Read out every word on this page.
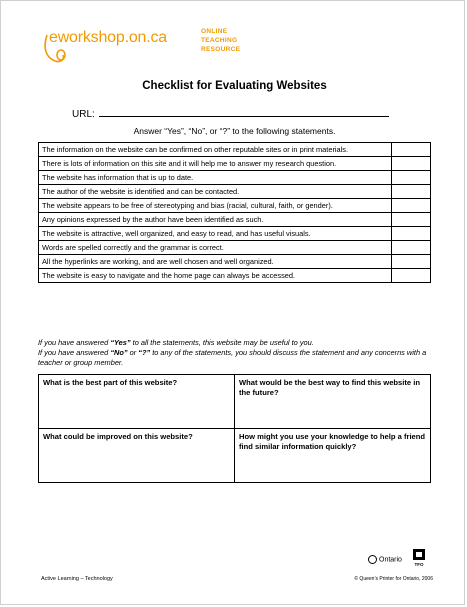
eworkshop.on.ca	ONLINE
TEACHING
RESOURCE
Checklist for Evaluating Websites
URL:
Answer “Yes”, “No”, or “?” to the following statements.
The information on the website can be confirmed on other reputable sites or in print materials.	
There is lots of information on this site and it will help me to answer my research question.	
The website has information that is up to date.	
The author of the website is identified and can be contacted.	
The website appears to be free of stereotyping and bias (racial, cultural, faith, or gender).	
Any opinions expressed by the author have been identified as such.	
The website is attractive, well organized, and easy to read, and has useful visuals.	
Words are spelled correctly and the grammar is correct.	
All the hyperlinks are working, and are well chosen and well organized.	
The website is easy to navigate and the home page can always be accessed.	
If you have answered “Yes” to all the statements, this website may be useful to you.
If you have answered “No” or “?” to any of the statements, you should discuss the statement and any concerns with a teacher or group member.
What is the best part of this website?	What would be the best way to find this website in the future?
What could be improved on this website?	How might you use your knowledge to help a friend find similar information quickly?
Ontario
TFO
Active Learning – Technology	© Queen’s Printer for Ontario, 2006
